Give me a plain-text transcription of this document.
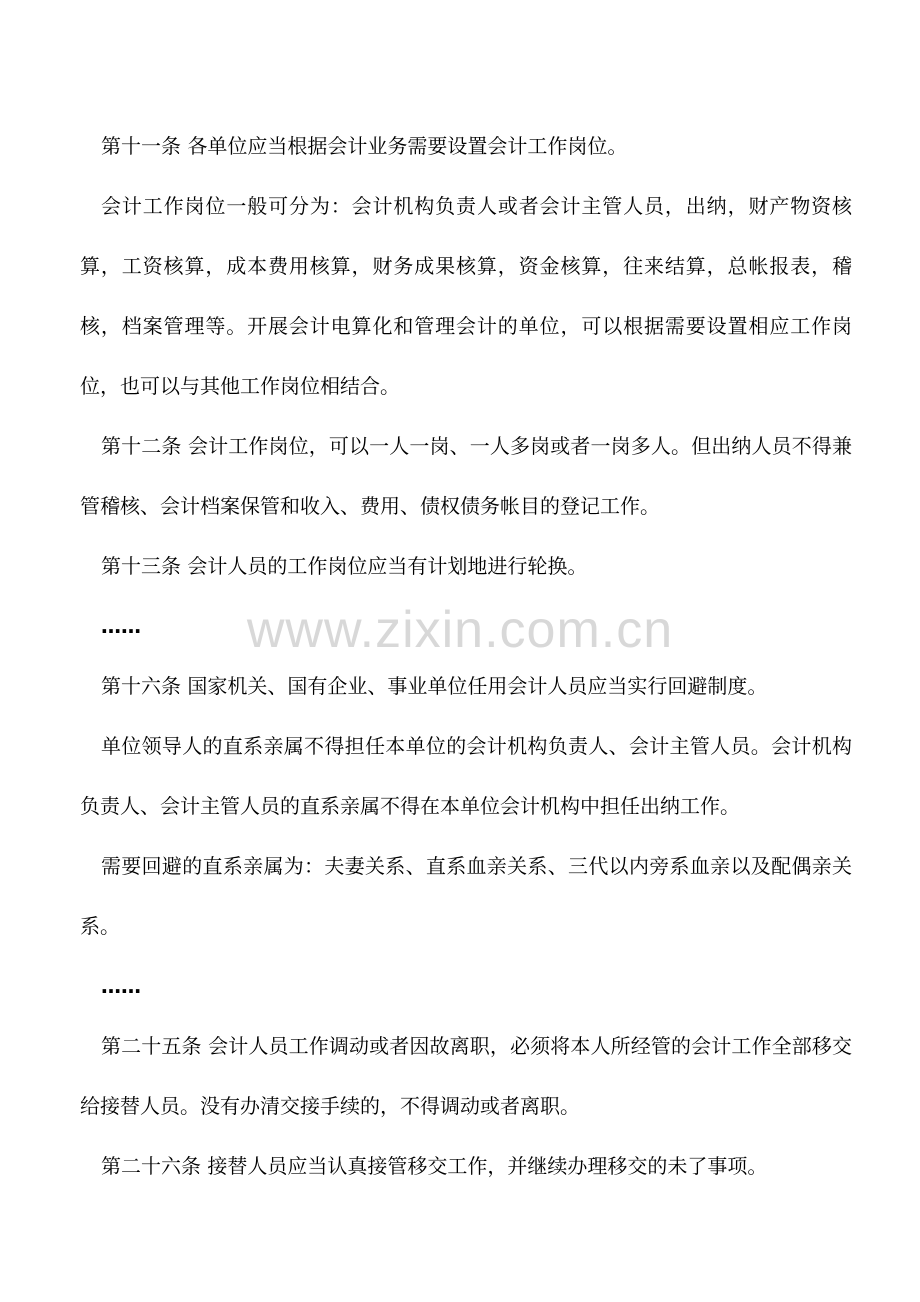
第十一条 各单位应当根据会计业务需要设置会计工作岗位。

会计工作岗位一般可分为：会计机构负责人或者会计主管人员，出纳，财产物资核算，工资核算，成本费用核算，财务成果核算，资金核算，往来结算，总帐报表，稽核，档案管理等。开展会计电算化和管理会计的单位，可以根据需要设置相应工作岗位，也可以与其他工作岗位相结合。

第十二条 会计工作岗位，可以一人一岗、一人多岗或者一岗多人。但出纳人员不得兼管稽核、会计档案保管和收入、费用、债权债务帐目的登记工作。

第十三条 会计人员的工作岗位应当有计划地进行轮换。

……

第十六条 国家机关、国有企业、事业单位任用会计人员应当实行回避制度。

单位领导人的直系亲属不得担任本单位的会计机构负责人、会计主管人员。会计机构负责人、会计主管人员的直系亲属不得在本单位会计机构中担任出纳工作。

需要回避的直系亲属为：夫妻关系、直系血亲关系、三代以内旁系血亲以及配偶亲关系。

……

第二十五条 会计人员工作调动或者因故离职，必须将本人所经管的会计工作全部移交给接替人员。没有办清交接手续的，不得调动或者离职。

第二十六条 接替人员应当认真接管移交工作，并继续办理移交的未了事项。

www.zixin.com.cn
